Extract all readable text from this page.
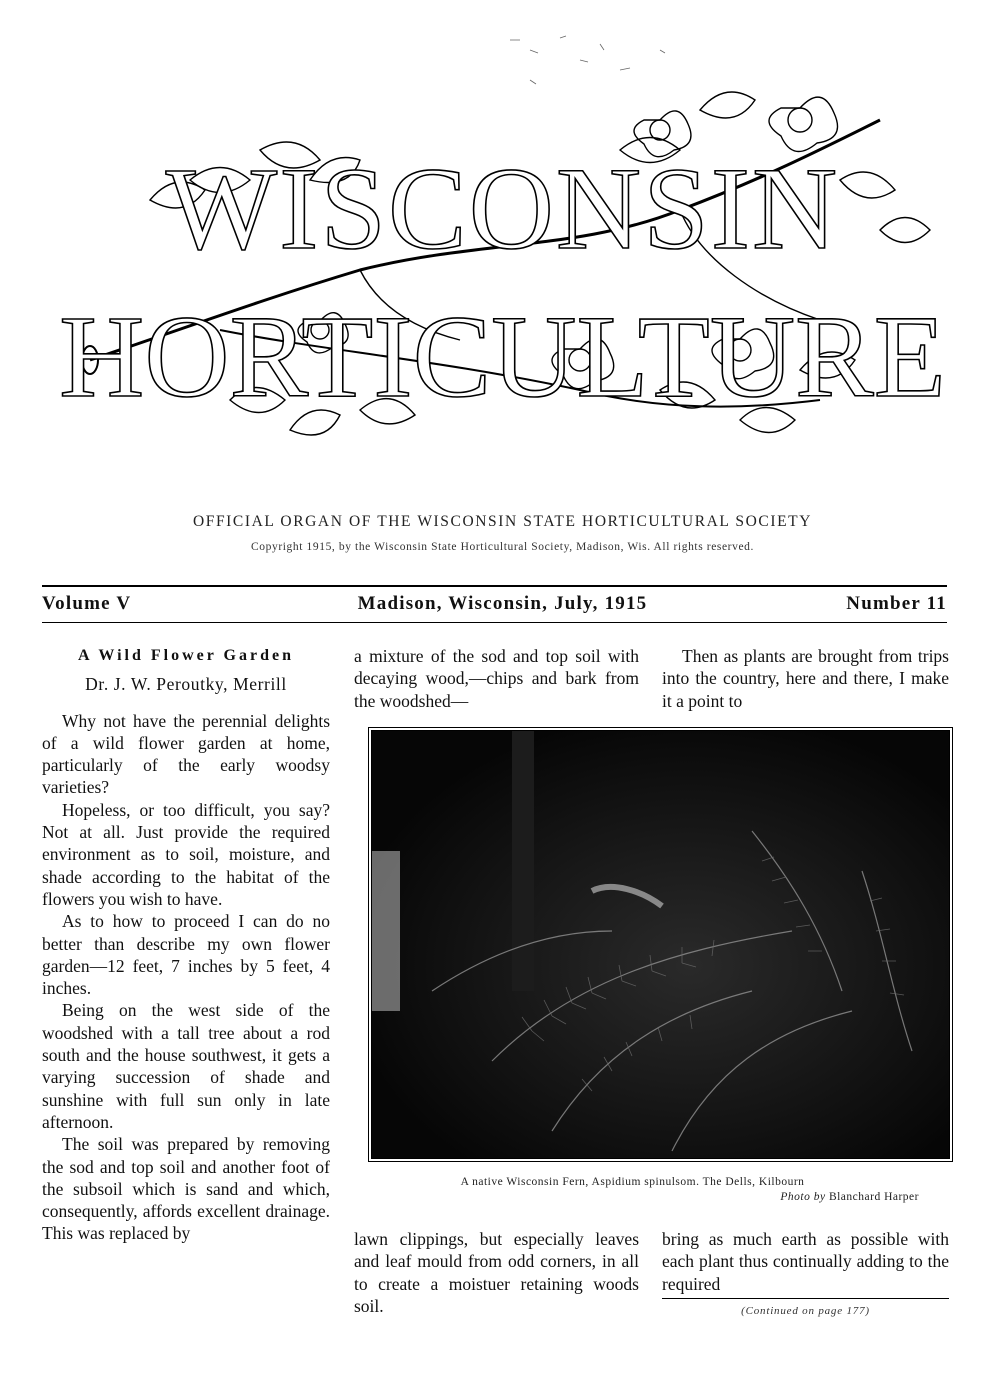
WISCONSIN
HORTICULTURE
OFFICIAL ORGAN OF THE WISCONSIN STATE HORTICULTURAL SOCIETY
Copyright 1915, by the Wisconsin State Horticultural Society, Madison, Wis. All rights reserved.
Volume V	Madison, Wisconsin, July, 1915	Number 11

A Wild Flower Garden

Dr. J. W. Peroutky, Merrill

Why not have the perennial delights of a wild flower garden at home, particularly of the early woodsy varieties?

Hopeless, or too difficult, you say? Not at all. Just provide the required environment as to soil, moisture, and shade according to the habitat of the flowers you wish to have.

As to how to proceed I can do no better than describe my own flower garden—12 feet, 7 inches by 5 feet, 4 inches.

Being on the west side of the woodshed with a tall tree about a rod south and the house southwest, it gets a varying succession of shade and sunshine with full sun only in late afternoon.

The soil was prepared by removing the sod and top soil and another foot of the subsoil which is sand and which, consequently, affords excellent drainage. This was replaced by

a mixture of the sod and top soil with decaying wood,—chips and bark from the woodshed—

Then as plants are brought from trips into the country, here and there, I make it a point to

A native Wisconsin Fern, Aspidium spinulsom. The Dells, Kilbourn
Photo by Blanchard Harper

lawn clippings, but especially leaves and leaf mould from odd corners, in all to create a moistuer retaining woods soil.

bring as much earth as possible with each plant thus continually adding to the required

(Continued on page 177)
